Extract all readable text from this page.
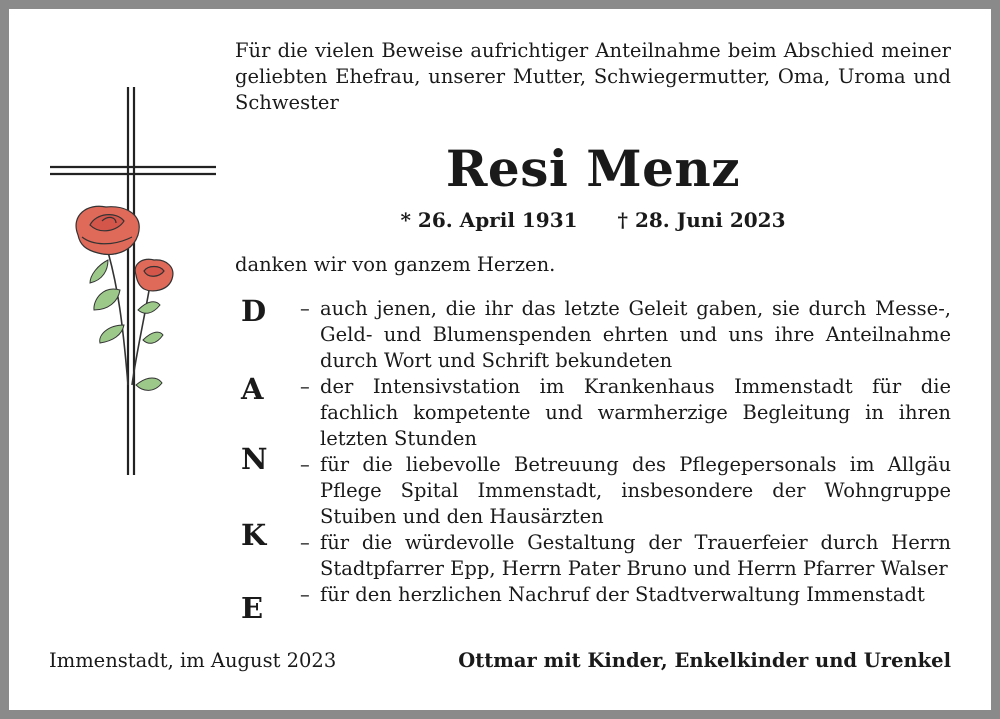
Für die vielen Beweise aufrichtiger Anteilnahme beim Abschied meiner geliebten Ehefrau, unserer Mutter, Schwiegermutter, Oma, Uroma und Schwester
Resi Menz
* 26. April 1931 † 28. Juni 2023
danken wir von ganzem Herzen.
D
A
N
K
E
– auch jenen, die ihr das letzte Geleit gaben, sie durch Messe-, Geld- und Blumenspenden ehrten und uns ihre Anteilnahme durch Wort und Schrift bekundeten
– der Intensivstation im Krankenhaus Immenstadt für die fachlich kompetente und warmherzige Begleitung in ihren letzten Stunden
– für die liebevolle Betreuung des Pflegepersonals im Allgäu Pflege Spital Immenstadt, insbesondere der Wohngruppe Stuiben und den Hausärzten
– für die würdevolle Gestaltung der Trauerfeier durch Herrn Stadtpfarrer Epp, Herrn Pater Bruno und Herrn Pfarrer Walser
– für den herzlichen Nachruf der Stadtverwaltung Immenstadt
Immenstadt, im August 2023	Ottmar mit Kinder, Enkelkinder und Urenkel
